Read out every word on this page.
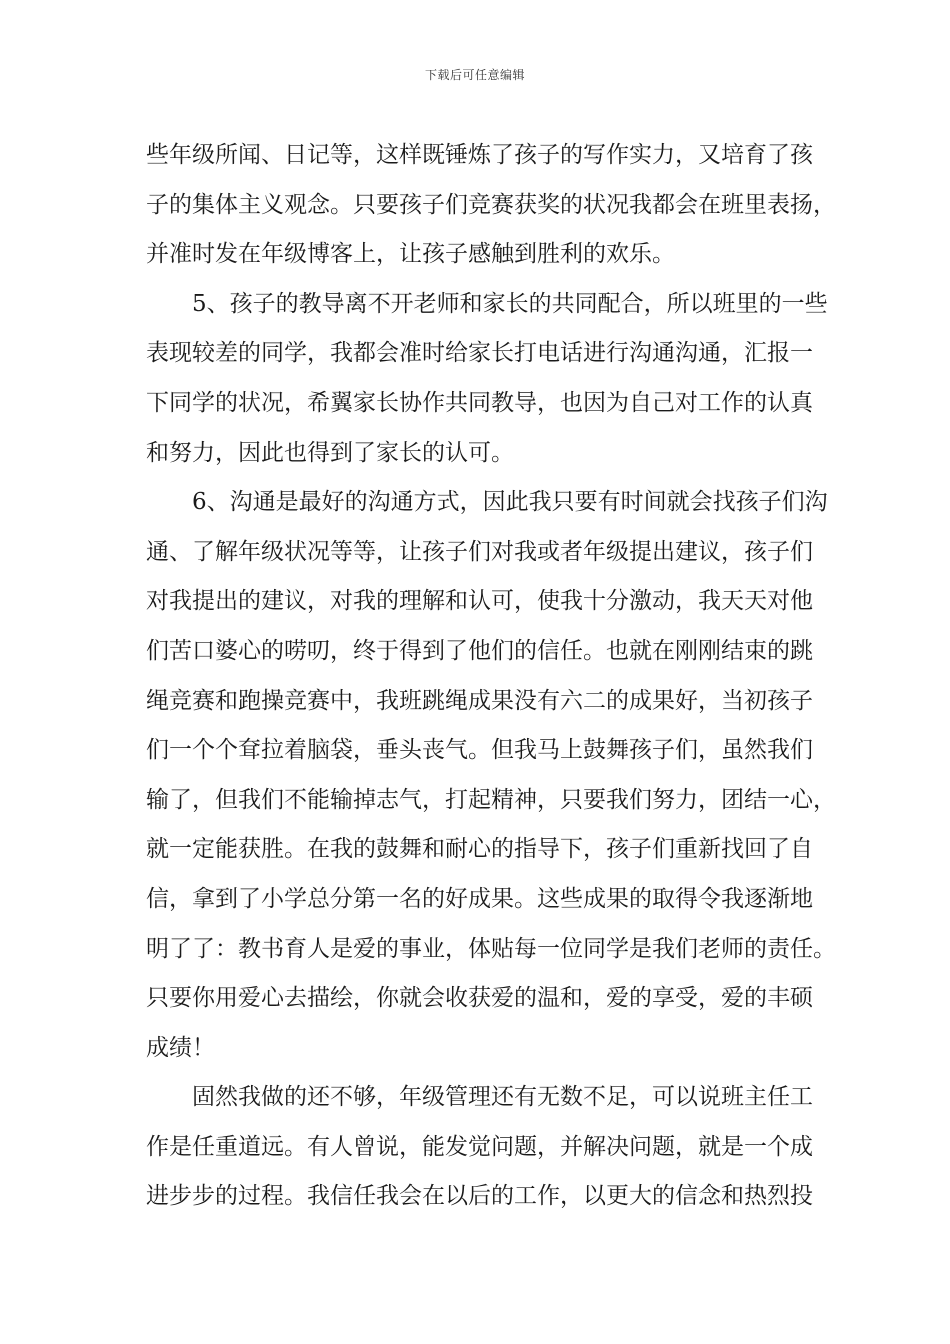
下载后可任意编辑
些年级所闻、日记等，这样既锤炼了孩子的写作实力，又培育了孩
子的集体主义观念。只要孩子们竞赛获奖的状况我都会在班里表扬，
并准时发在年级博客上，让孩子感触到胜利的欢乐。
5、孩子的教导离不开老师和家长的共同配合，所以班里的一些
表现较差的同学，我都会准时给家长打电话进行沟通沟通，汇报一
下同学的状况，希翼家长协作共同教导，也因为自己对工作的认真
和努力，因此也得到了家长的认可。
6、沟通是最好的沟通方式，因此我只要有时间就会找孩子们沟
通、了解年级状况等等，让孩子们对我或者年级提出建议，孩子们
对我提出的建议，对我的理解和认可，使我十分激动，我天天对他
们苦口婆心的唠叨，终于得到了他们的信任。也就在刚刚结束的跳
绳竞赛和跑操竞赛中，我班跳绳成果没有六二的成果好，当初孩子
们一个个耷拉着脑袋，垂头丧气。但我马上鼓舞孩子们，虽然我们
输了，但我们不能输掉志气，打起精神，只要我们努力，团结一心，
就一定能获胜。在我的鼓舞和耐心的指导下，孩子们重新找回了自
信，拿到了小学总分第一名的好成果。这些成果的取得令我逐渐地
明了了：教书育人是爱的事业，体贴每一位同学是我们老师的责任。
只要你用爱心去描绘，你就会收获爱的温和，爱的享受，爱的丰硕
成绩！
固然我做的还不够，年级管理还有无数不足，可以说班主任工
作是任重道远。有人曾说，能发觉问题，并解决问题，就是一个成
进步步的过程。我信任我会在以后的工作，以更大的信念和热烈投
